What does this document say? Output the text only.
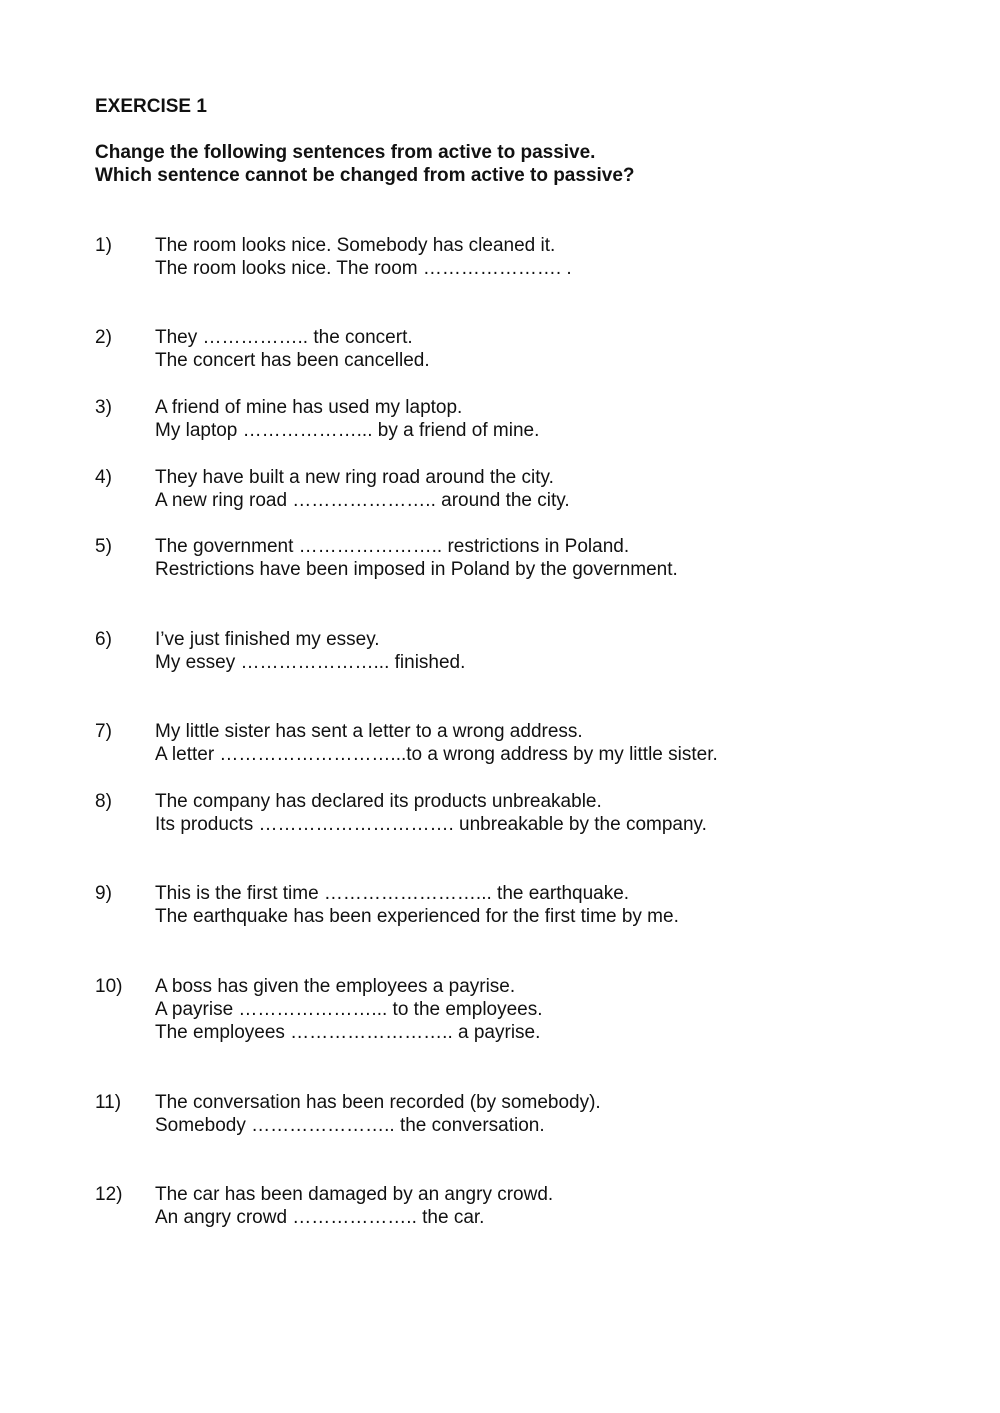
EXERCISE 1
Change the following sentences from active to passive.
Which sentence cannot be changed from active to passive?
1) The room looks nice. Somebody has cleaned it.
The room looks nice. The room …………………. .
2) They …………….. the concert.
The concert has been cancelled.
3) A friend of mine has used my laptop.
My laptop ………………... by a friend of mine.
4) They have built a new ring road around the city.
A new ring road ………………….. around the city.
5) The government ………………….. restrictions in Poland.
Restrictions have been imposed in Poland by the government.
6) I’ve just finished my essey.
My essey …………………... finished.
7) My little sister has sent a letter to a wrong address.
A letter ………………………...to a wrong address by my little sister.
8) The company has declared its products unbreakable.
Its products …………………………. unbreakable by the company.
9) This is the first time ……………………... the earthquake.
The earthquake has been experienced for the first time by me.
10) A boss has given the employees a payrise.
A payrise …………………... to the employees.
The employees …………………….. a payrise.
11) The conversation has been recorded (by somebody).
Somebody ………………….. the conversation.
12) The car has been damaged by an angry crowd.
An angry crowd ……………….. the car.
